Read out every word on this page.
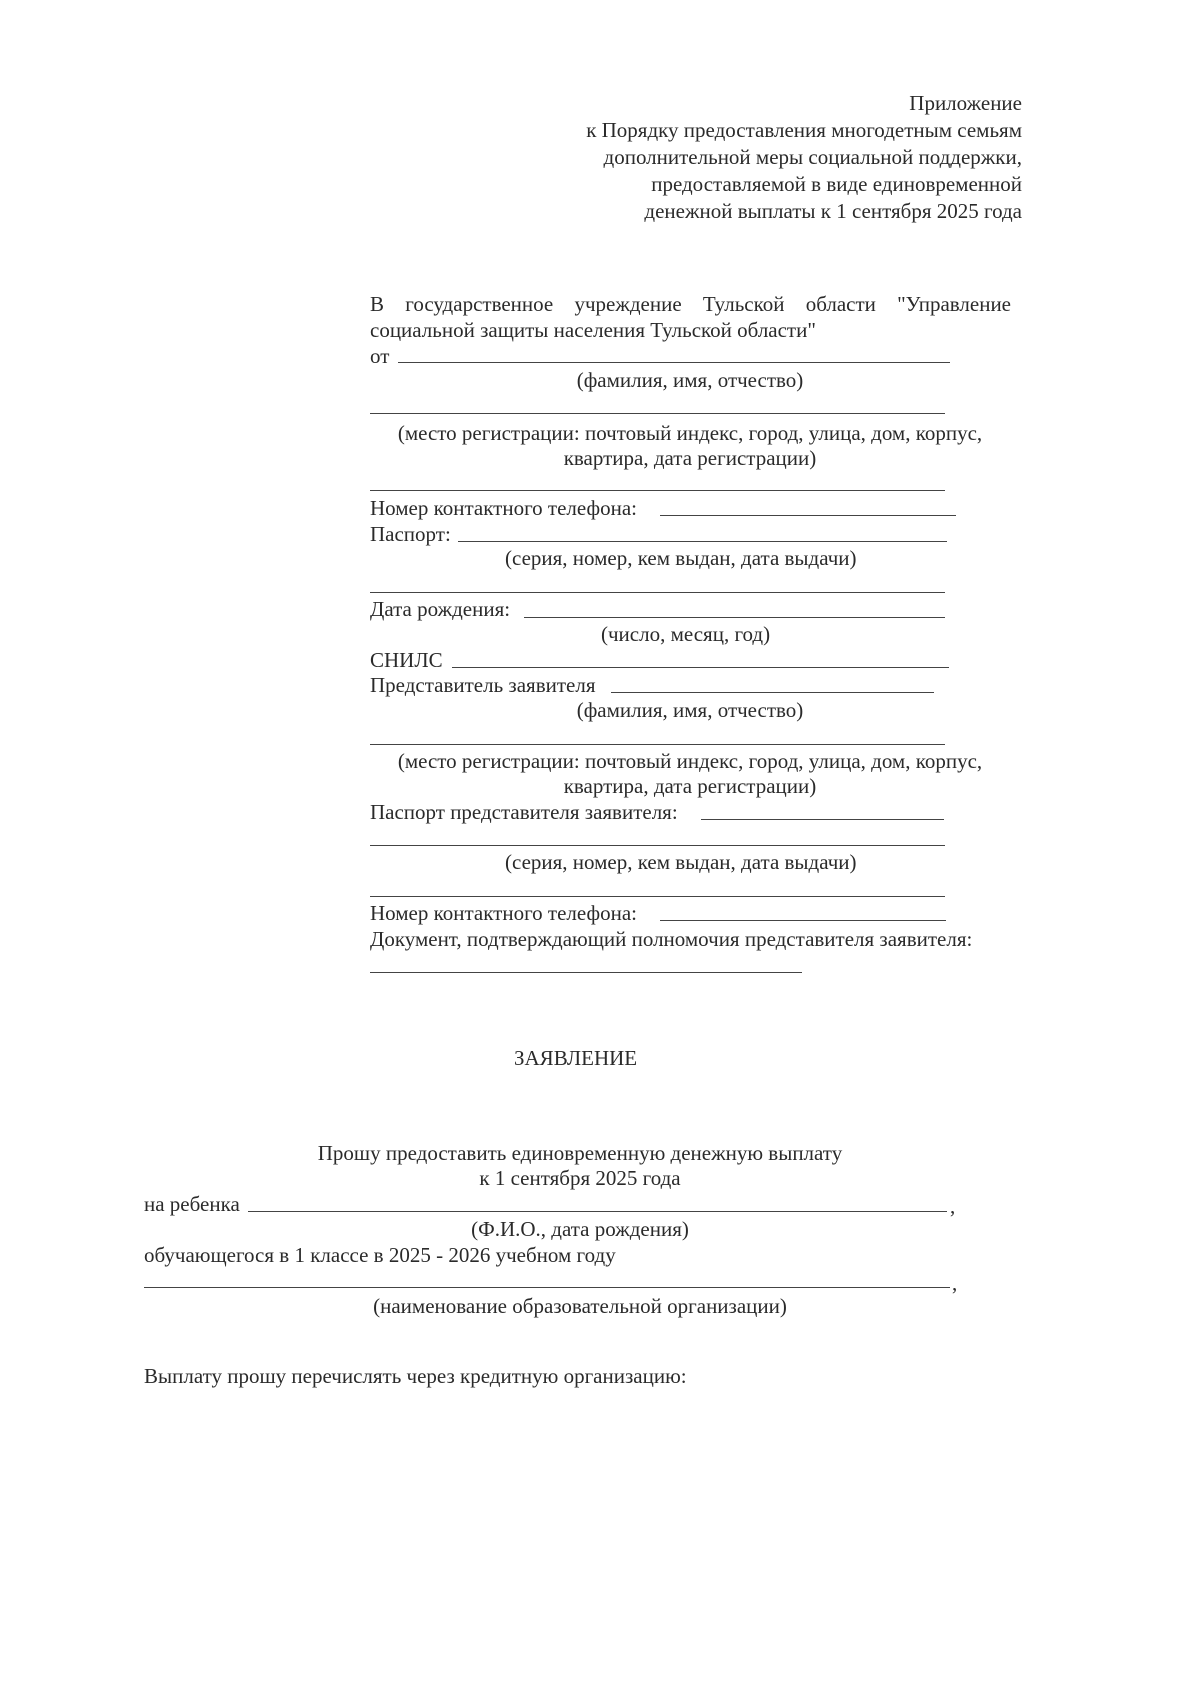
Приложение
к Порядку предоставления многодетным семьям
дополнительной меры социальной поддержки,
предоставляемой в виде единовременной
денежной выплаты к 1 сентября 2025 года
В государственное учреждение Тульской области "Управление
социальной защиты населения Тульской области"
от
(фамилия, имя, отчество)
(место регистрации: почтовый индекс, город, улица, дом, корпус,
квартира, дата регистрации)
Номер контактного телефона:
Паспорт:
(серия, номер, кем выдан, дата выдачи)
Дата рождения:
(число, месяц, год)
СНИЛС
Представитель заявителя
(фамилия, имя, отчество)
(место регистрации: почтовый индекс, город, улица, дом, корпус,
квартира, дата регистрации)
Паспорт представителя заявителя:
(серия, номер, кем выдан, дата выдачи)
Номер контактного телефона:
Документ, подтверждающий полномочия представителя заявителя:
ЗАЯВЛЕНИЕ
Прошу предоставить единовременную денежную выплату
к 1 сентября 2025 года
на ребенка	,
(Ф.И.О., дата рождения)
обучающегося в 1 классе в 2025 - 2026 учебном году
,
(наименование образовательной организации)
Выплату прошу перечислять через кредитную организацию:
